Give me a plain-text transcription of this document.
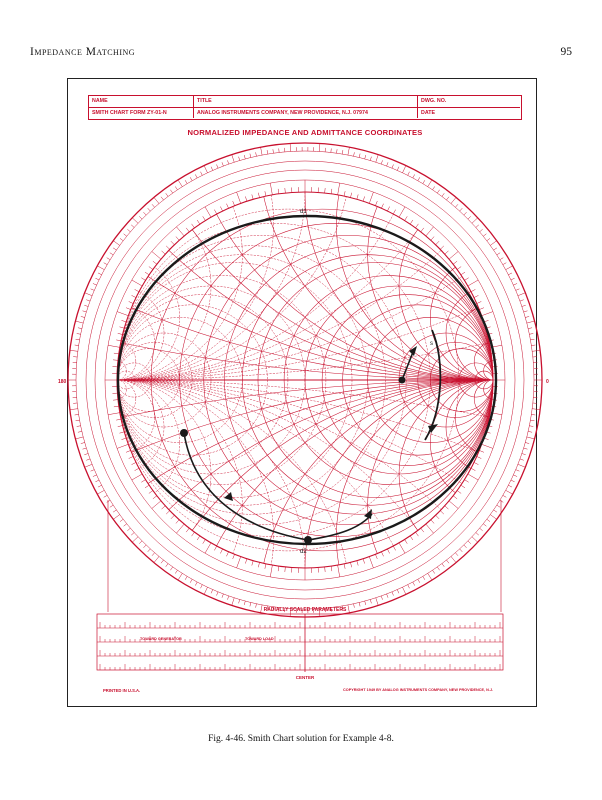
Impedance Matching	95
NAME	TITLE	DWG. NO.
SMITH CHART FORM ZY-01-N	ANALOG INSTRUMENTS COMPANY, NEW PROVIDENCE, N.J. 07974	DATE
NORMALIZED IMPEDANCE AND ADMITTANCE COORDINATES
0
180
d1
d2
s
RADIALLY SCALED PARAMETERS
TOWARD GENERATOR	TOWARD LOAD
CENTER
PRINTED IN U.S.A.	COPYRIGHT 1949 BY ANALOG INSTRUMENTS COMPANY, NEW PROVIDENCE, N.J.
Fig. 4-46. Smith Chart solution for Example 4-8.
